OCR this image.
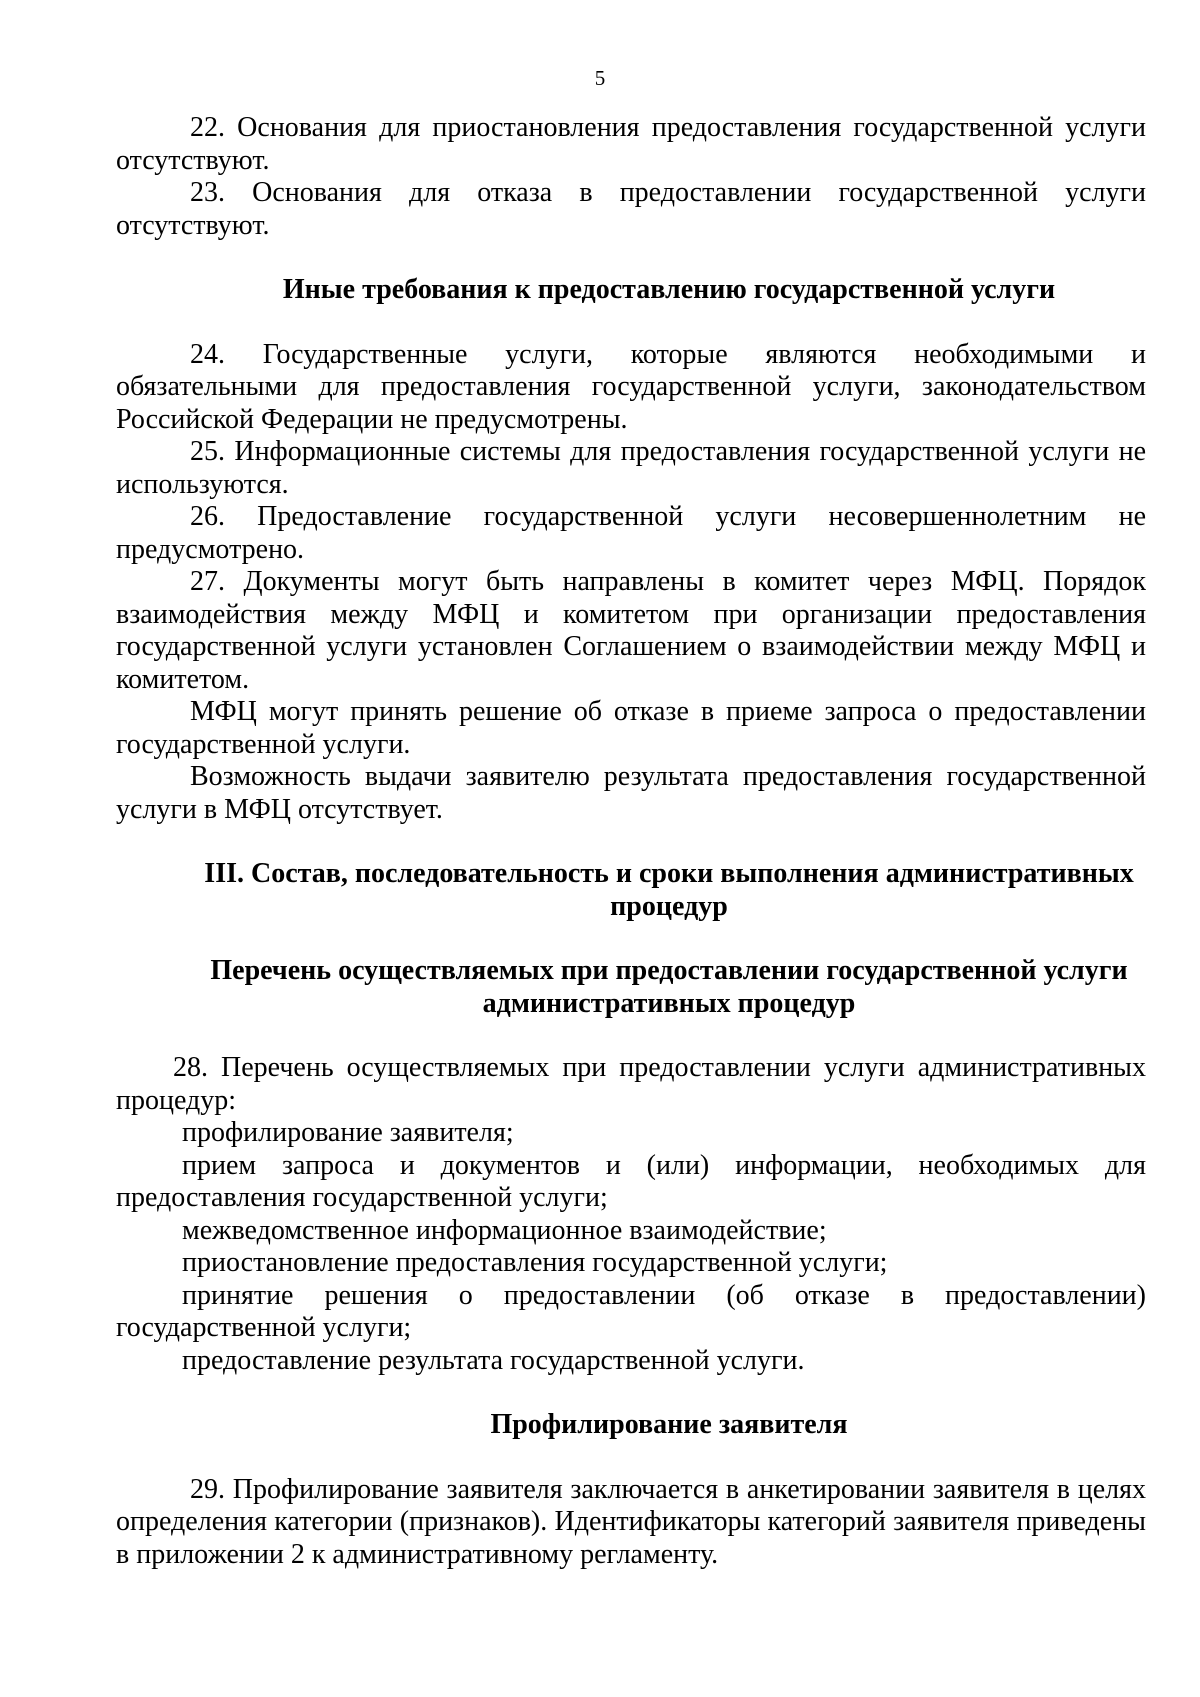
5

22. Основания для приостановления предоставления государственной услуги отсутствуют.

23. Основания для отказа в предоставлении государственной услуги отсутствуют.

Иные требования к предоставлению государственной услуги

24. Государственные услуги, которые являются необходимыми и обязательными для предоставления государственной услуги, законодательством Российской Федерации не предусмотрены.

25. Информационные системы для предоставления государственной услуги не используются.

26. Предоставление государственной услуги несовершеннолетним не предусмотрено.

27. Документы могут быть направлены в комитет через МФЦ. Порядок взаимодействия между МФЦ и комитетом при организации предоставления государственной услуги установлен Соглашением о взаимодействии между МФЦ и комитетом.

МФЦ могут принять решение об отказе в приеме запроса о предоставлении государственной услуги.

Возможность выдачи заявителю результата предоставления государственной услуги в МФЦ отсутствует.

III. Состав, последовательность и сроки выполнения административных процедур

Перечень осуществляемых при предоставлении государственной услуги административных процедур

28. Перечень осуществляемых при предоставлении услуги административных процедур:

профилирование заявителя;

прием запроса и документов и (или) информации, необходимых для предоставления государственной услуги;

межведомственное информационное взаимодействие;

приостановление предоставления государственной услуги;

принятие решения о предоставлении (об отказе в предоставлении) государственной услуги;

предоставление результата государственной услуги.

Профилирование заявителя

29. Профилирование заявителя заключается в анкетировании заявителя в целях определения категории (признаков). Идентификаторы категорий заявителя приведены в приложении 2 к административному регламенту.
